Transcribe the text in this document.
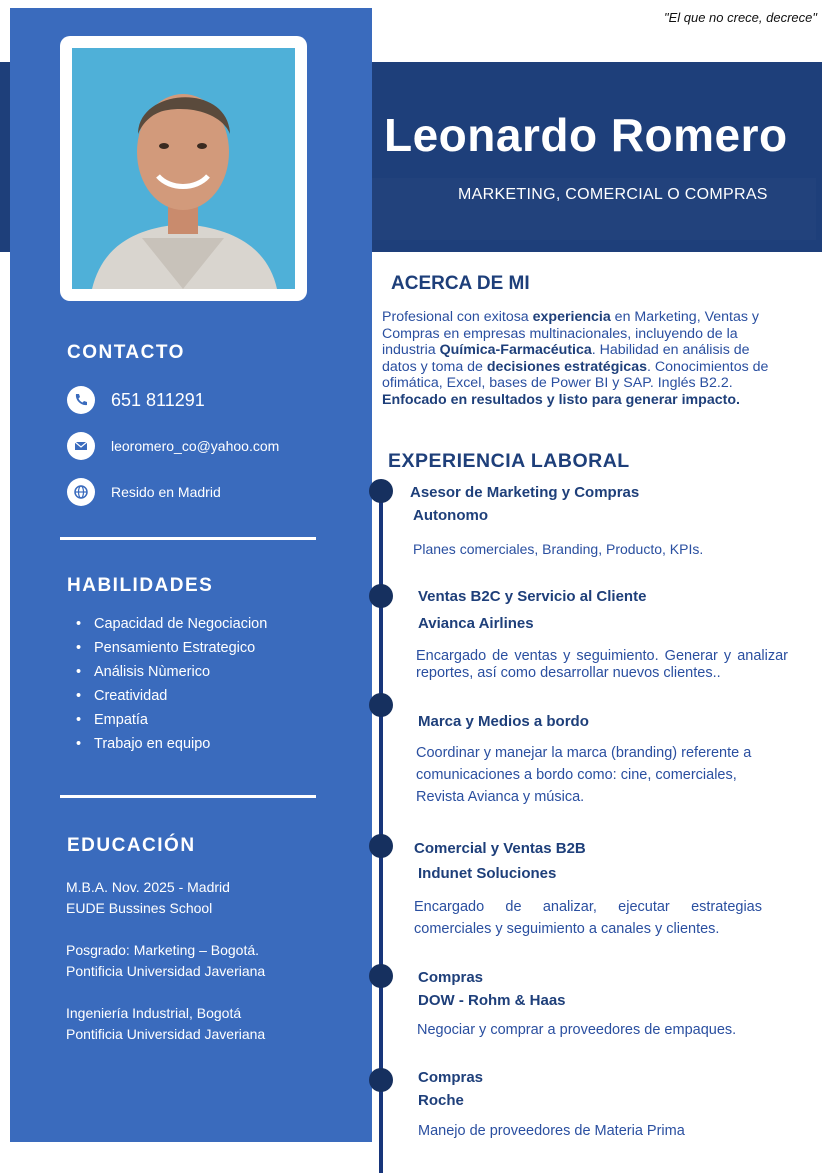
"El que no crece, decrece"
Leonardo Romero
MARKETING, COMERCIAL O COMPRAS
CONTACTO
651 811291
leoromero_co@yahoo.com
Resido en Madrid
HABILIDADES
• Capacidad de Negociacion
• Pensamiento Estrategico
• Análisis Nùmerico
• Creatividad
• Empatía
• Trabajo en equipo
EDUCACIÓN
M.B.A. Nov. 2025 - Madrid
EUDE Bussines School
Posgrado: Marketing – Bogotá.
Pontificia Universidad Javeriana
Ingeniería Industrial, Bogotá
Pontificia Universidad Javeriana
ACERCA DE MI
Profesional con exitosa experiencia en Marketing, Ventas y Compras en empresas multinacionales, incluyendo de la industria Química-Farmacéutica. Habilidad en análisis de datos y toma de decisiones estratégicas. Conocimientos de ofimática, Excel, bases de Power BI y SAP. Inglés B2.2.
Enfocado en resultados y listo para generar impacto.
EXPERIENCIA LABORAL
Asesor de Marketing y Compras
Autonomo
Planes comerciales, Branding, Producto, KPIs.
Ventas B2C y Servicio al Cliente
Avianca Airlines
Encargado de ventas y seguimiento. Generar y analizar reportes, así como desarrollar nuevos clientes..
Marca y Medios a bordo
Coordinar y manejar la marca (branding) referente a comunicaciones a bordo como: cine, comerciales, Revista Avianca y música.
Comercial y Ventas B2B
Indunet Soluciones
Encargado de analizar, ejecutar estrategias comerciales y seguimiento a canales y clientes.
Compras
DOW - Rohm & Haas
Negociar y comprar a proveedores de empaques.
Compras
Roche
Manejo de proveedores de Materia Prima
